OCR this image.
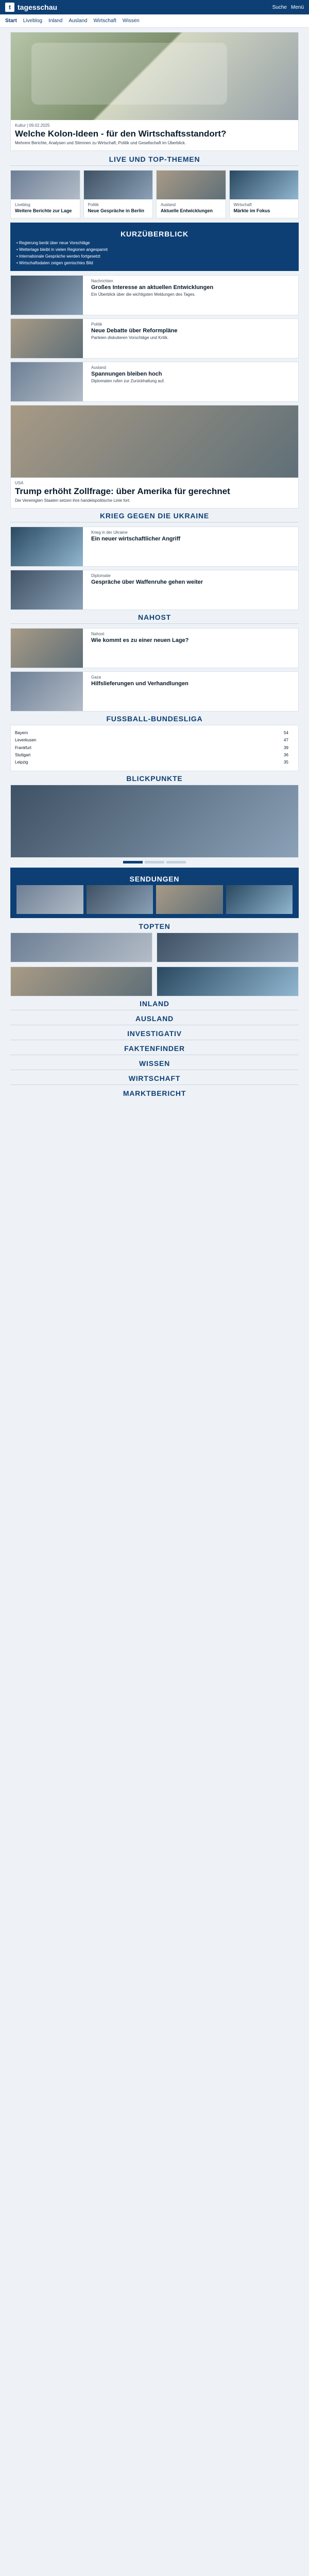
t tagesschau	Suche Menü
Start Liveblog Inland Ausland Wirtschaft Wissen
Kultur | 09.02.2025
Welche Kolon-Ideen - für den Wirtschaftsstandort?

Mehrere Berichte, Analysen und Stimmen zu Wirtschaft, Politik und Gesellschaft im Überblick.

LIVE UND TOP-THEMEN
Liveblog
Weitere Berichte zur Lage
Politik
Neue Gespräche in Berlin
Ausland
Aktuelle Entwicklungen
Wirtschaft
Märkte im Fokus
KURZÜBERBLICK
• Regierung berät über neue Vorschläge
• Wetterlage bleibt in vielen Regionen angespannt
• Internationale Gespräche werden fortgesetzt
• Wirtschaftsdaten zeigen gemischtes Bild
Nachrichten
Großes Interesse an aktuellen Entwicklungen

Ein Überblick über die wichtigsten Meldungen des Tages.

Politik
Neue Debatte über Reformpläne

Parteien diskutieren Vorschläge und Kritik.

Ausland
Spannungen bleiben hoch

Diplomaten rufen zur Zurückhaltung auf.

USA
Trump erhöht Zollfrage: über Amerika für gerechnet

Die Vereinigten Staaten setzen ihre handelspolitische Linie fort.

KRIEG GEGEN DIE UKRAINE
Krieg in der Ukraine
Ein neuer wirtschaftlicher Angriff
Diplomatie
Gespräche über Waffenruhe gehen weiter
NAHOST
Nahost
Wie kommt es zu einer neuen Lage?
Gaza
Hilfslieferungen und Verhandlungen
FUSSBALL-BUNDESLIGA
Bayern	54
Leverkusen	47
Frankfurt	39
Stuttgart	36
Leipzig	35
BLICKPUNKTE
SENDUNGEN
TOPTEN
INLAND
AUSLAND
INVESTIGATIV
FAKTENFINDER
WISSEN
WIRTSCHAFT
MARKTBERICHT
